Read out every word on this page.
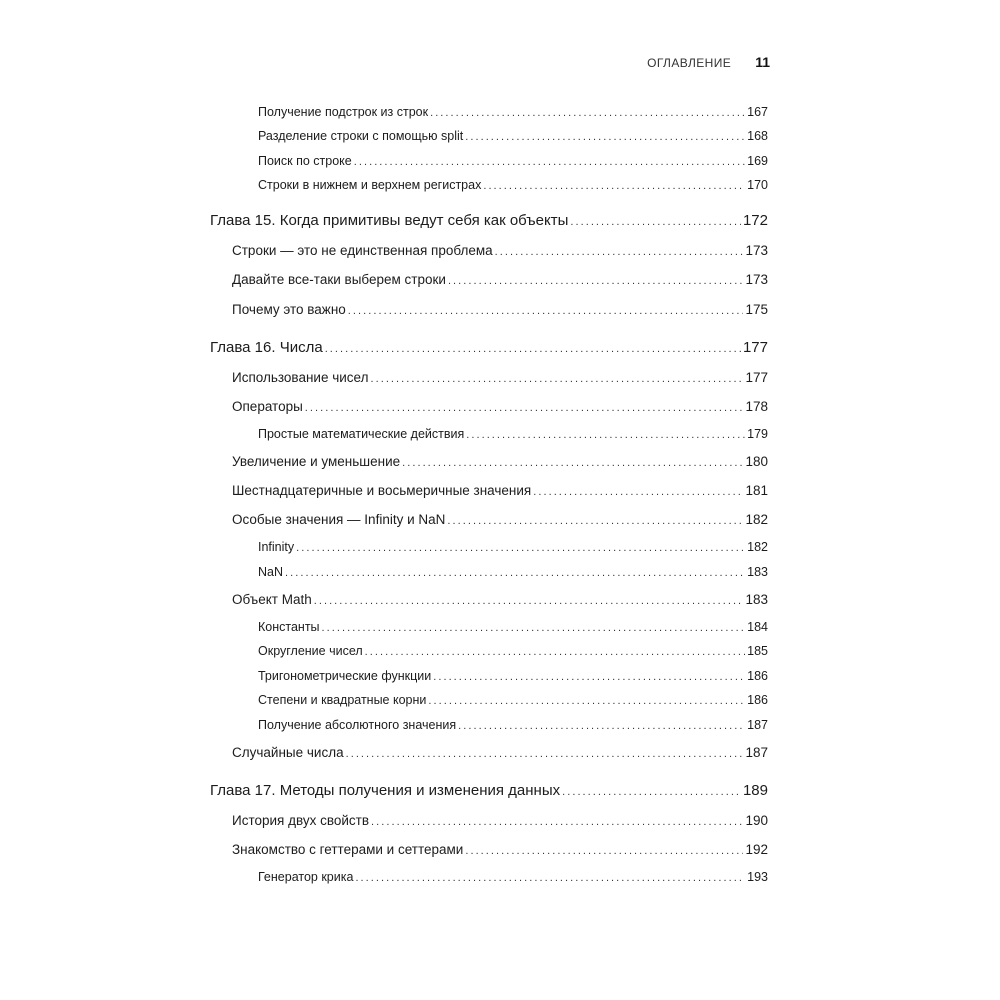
ОГЛАВЛЕНИЕ 11
Получение подстрок из строк . . .	167
Разделение строки с помощью split . . .	168
Поиск по строке . . .	169
Строки в нижнем и верхнем регистрах . . .	170
Глава 15. Когда примитивы ведут себя как объекты . . .	172
Строки — это не единственная проблема . . .	173
Давайте все-таки выберем строки . . .	173
Почему это важно . . .	175
Глава 16. Числа . . .	177
Использование чисел . . .	177
Операторы . . .	178
Простые математические действия . . .	179
Увеличение и уменьшение . . .	180
Шестнадцатеричные и восьмеричные значения . . .	181
Особые значения — Infinity и NaN . . .	182
Infinity . . .	182
NaN . . .	183
Объект Math . . .	183
Константы . . .	184
Округление чисел . . .	185
Тригонометрические функции . . .	186
Степени и квадратные корни . . .	186
Получение абсолютного значения . . .	187
Случайные числа . . .	187
Глава 17. Методы получения и изменения данных . . .	189
История двух свойств . . .	190
Знакомство с геттерами и сеттерами . . .	192
Генератор крика . . .	193
